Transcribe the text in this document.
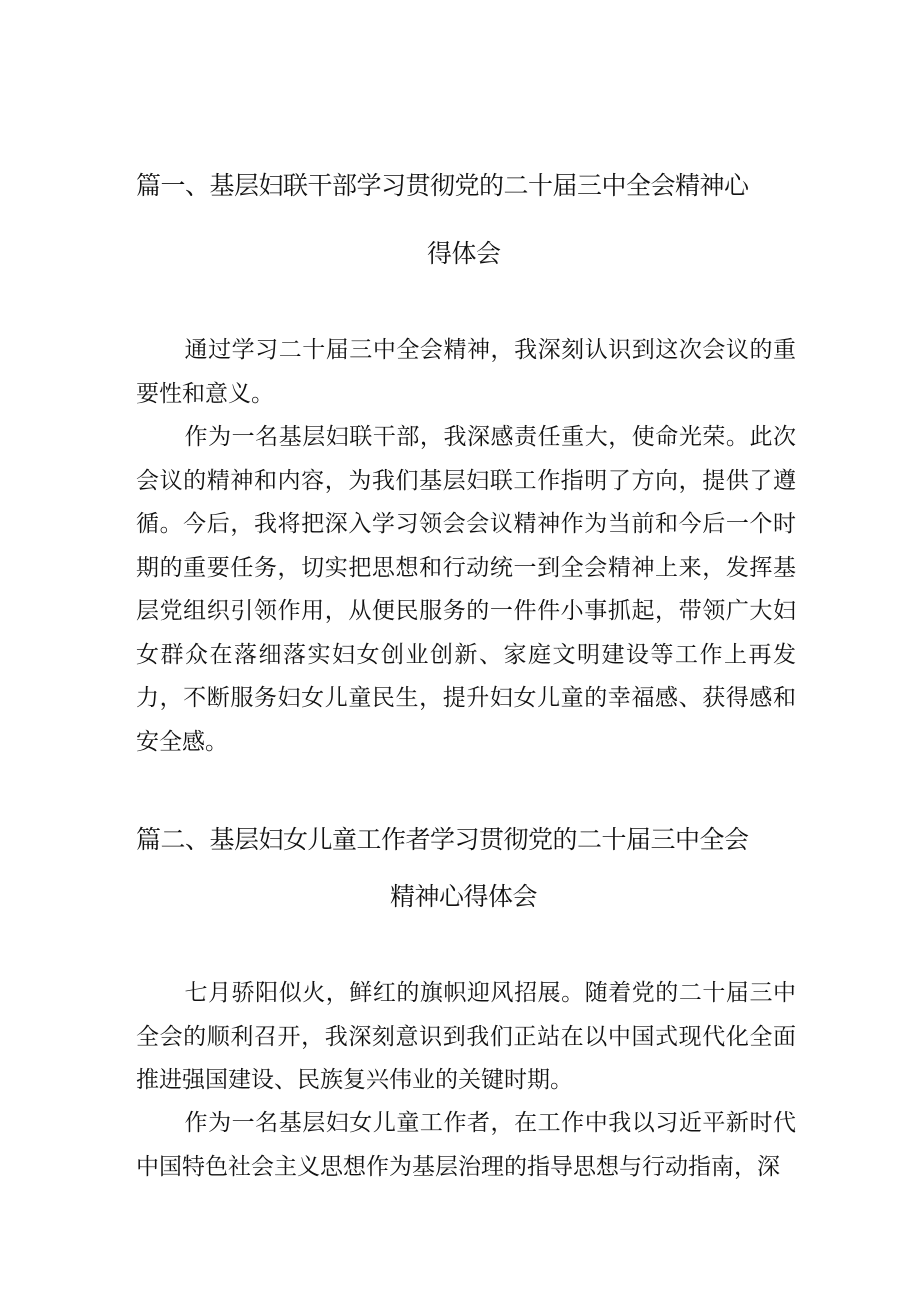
篇一、基层妇联干部学习贯彻党的二十届三中全会精神心
得体会

通过学习二十届三中全会精神，我深刻认识到这次会议的重要性和意义。

作为一名基层妇联干部，我深感责任重大，使命光荣。此次会议的精神和内容，为我们基层妇联工作指明了方向，提供了遵循。今后，我将把深入学习领会会议精神作为当前和今后一个时期的重要任务，切实把思想和行动统一到全会精神上来，发挥基层党组织引领作用，从便民服务的一件件小事抓起，带领广大妇女群众在落细落实妇女创业创新、家庭文明建设等工作上再发力，不断服务妇女儿童民生，提升妇女儿童的幸福感、获得感和安全感。

篇二、基层妇女儿童工作者学习贯彻党的二十届三中全会
精神心得体会

七月骄阳似火，鲜红的旗帜迎风招展。随着党的二十届三中全会的顺利召开，我深刻意识到我们正站在以中国式现代化全面推进强国建设、民族复兴伟业的关键时期。

作为一名基层妇女儿童工作者，在工作中我以习近平新时代中国特色社会主义思想作为基层治理的指导思想与行动指南，深
